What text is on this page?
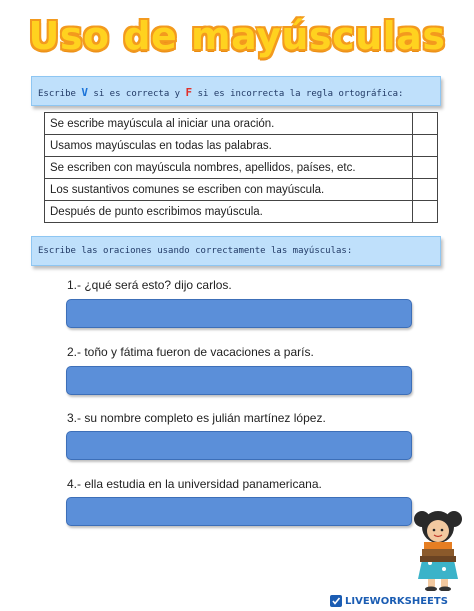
Uso de mayúsculas
Escribe V si es correcta y F si es incorrecta la regla ortográfica:
Se escribe mayúscula al iniciar una oración.	
Usamos mayúsculas en todas las palabras.	
Se escriben con mayúscula nombres, apellidos, países, etc.	
Los sustantivos comunes se escriben con mayúscula.	
Después de punto escribimos mayúscula.	
Escribe las oraciones usando correctamente las mayúsculas:
1.- ¿qué será esto? dijo carlos.
2.- toño y fátima fueron de vacaciones a parís.
3.- su nombre completo es julián martínez lópez.
4.- ella estudia en la universidad panamericana.
LIVEWORKSHEETS
